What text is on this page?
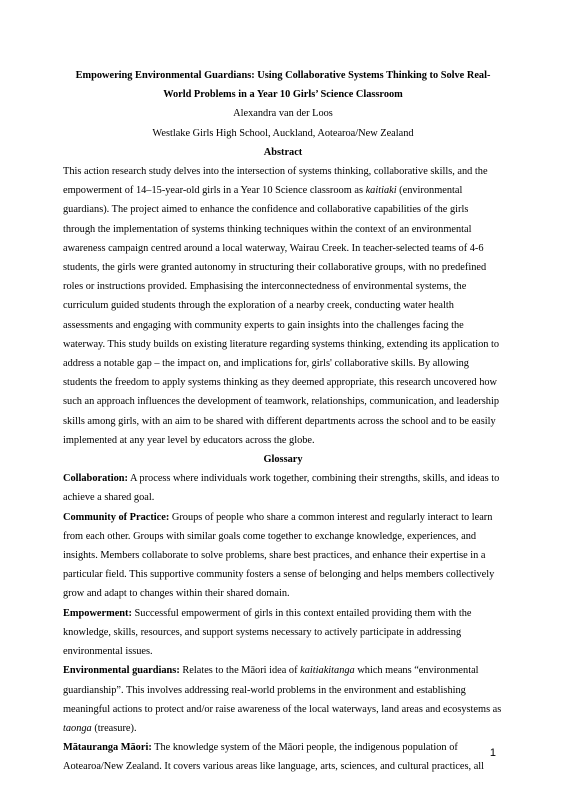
Empowering Environmental Guardians: Using Collaborative Systems Thinking to Solve Real-World Problems in a Year 10 Girls’ Science Classroom

Alexandra van der Loos

Westlake Girls High School, Auckland, Aotearoa/New Zealand

Abstract

This action research study delves into the intersection of systems thinking, collaborative skills, and the empowerment of 14–15-year-old girls in a Year 10 Science classroom as kaitiaki (environmental guardians). The project aimed to enhance the confidence and collaborative capabilities of the girls through the implementation of systems thinking techniques within the context of an environmental awareness campaign centred around a local waterway, Wairau Creek. In teacher-selected teams of 4-6 students, the girls were granted autonomy in structuring their collaborative groups, with no predefined roles or instructions provided. Emphasising the interconnectedness of environmental systems, the curriculum guided students through the exploration of a nearby creek, conducting water health assessments and engaging with community experts to gain insights into the challenges facing the waterway. This study builds on existing literature regarding systems thinking, extending its application to address a notable gap – the impact on, and implications for, girls' collaborative skills. By allowing students the freedom to apply systems thinking as they deemed appropriate, this research uncovered how such an approach influences the development of teamwork, relationships, communication, and leadership skills among girls, with an aim to be shared with different departments across the school and to be easily implemented at any year level by educators across the globe.

Glossary

Collaboration: A process where individuals work together, combining their strengths, skills, and ideas to achieve a shared goal.

Community of Practice: Groups of people who share a common interest and regularly interact to learn from each other. Groups with similar goals come together to exchange knowledge, experiences, and insights. Members collaborate to solve problems, share best practices, and enhance their expertise in a particular field. This supportive community fosters a sense of belonging and helps members collectively grow and adapt to changes within their shared domain.

Empowerment: Successful empowerment of girls in this context entailed providing them with the knowledge, skills, resources, and support systems necessary to actively participate in addressing environmental issues.

Environmental guardians: Relates to the Māori idea of kaitiakitanga which means “environmental guardianship”. This involves addressing real-world problems in the environment and establishing meaningful actions to protect and/or raise awareness of the local waterways, land areas and ecosystems as taonga (treasure).

Mātauranga Māori: The knowledge system of the Māori people, the indigenous population of Aotearoa/New Zealand. It covers various areas like language, arts, sciences, and cultural practices, all

1
